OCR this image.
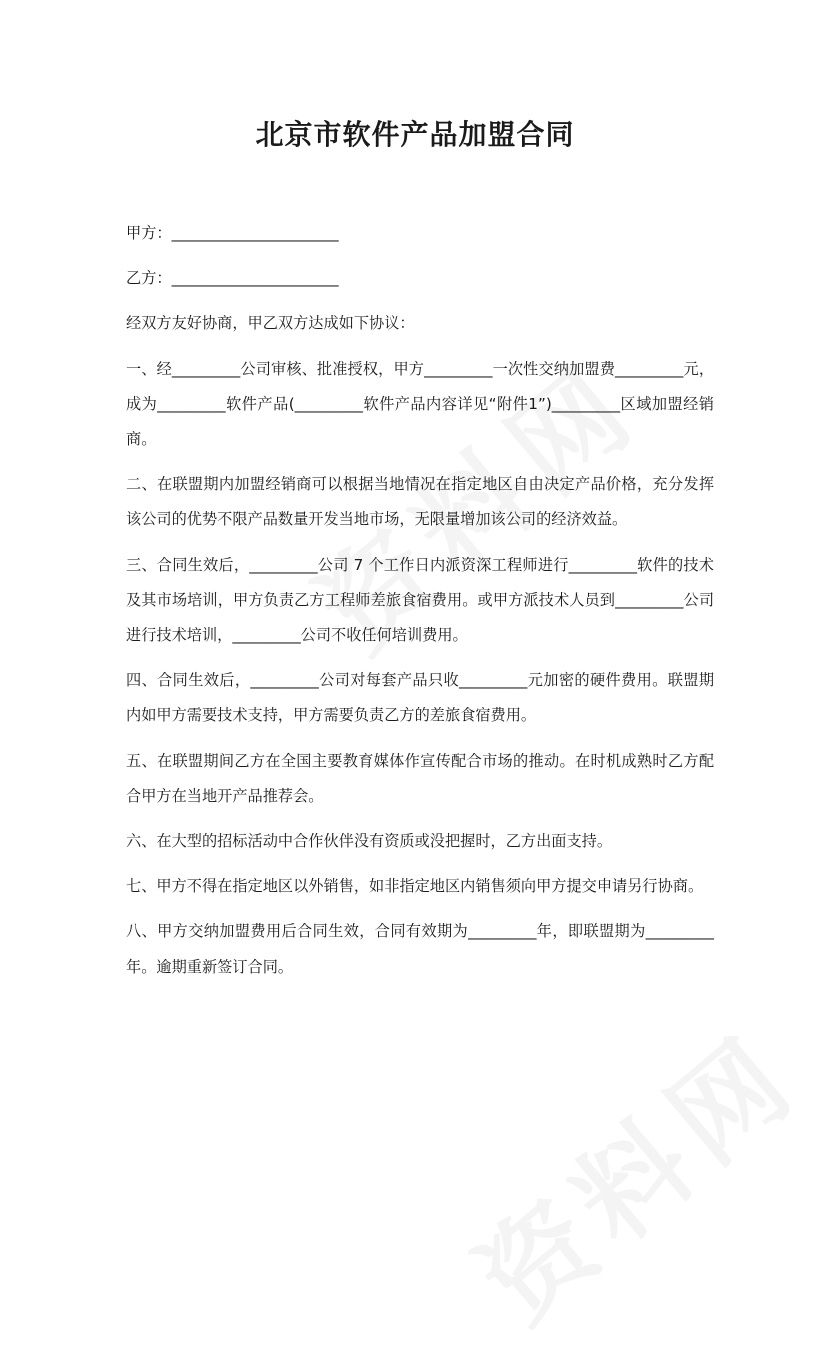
北京市软件产品加盟合同

甲方：______________________

乙方：______________________

经双方友好协商，甲乙双方达成如下协议：

一、经_________公司审核、批准授权，甲方_________一次性交纳加盟费_________元，成为_________软件产品(_________软件产品内容详见“附件1”)_________区域加盟经销商。

二、在联盟期内加盟经销商可以根据当地情况在指定地区自由决定产品价格，充分发挥该公司的优势不限产品数量开发当地市场，无限量增加该公司的经济效益。

三、合同生效后，_________公司 7 个工作日内派资深工程师进行_________软件的技术及其市场培训，甲方负责乙方工程师差旅食宿费用。或甲方派技术人员到_________公司进行技术培训，_________公司不收任何培训费用。

四、合同生效后，_________公司对每套产品只收_________元加密的硬件费用。联盟期内如甲方需要技术支持，甲方需要负责乙方的差旅食宿费用。

五、在联盟期间乙方在全国主要教育媒体作宣传配合市场的推动。在时机成熟时乙方配合甲方在当地开产品推荐会。

六、在大型的招标活动中合作伙伴没有资质或没把握时，乙方出面支持。

七、甲方不得在指定地区以外销售，如非指定地区内销售须向甲方提交申请另行协商。

八、甲方交纳加盟费用后合同生效，合同有效期为_________年，即联盟期为_________年。逾期重新签订合同。
